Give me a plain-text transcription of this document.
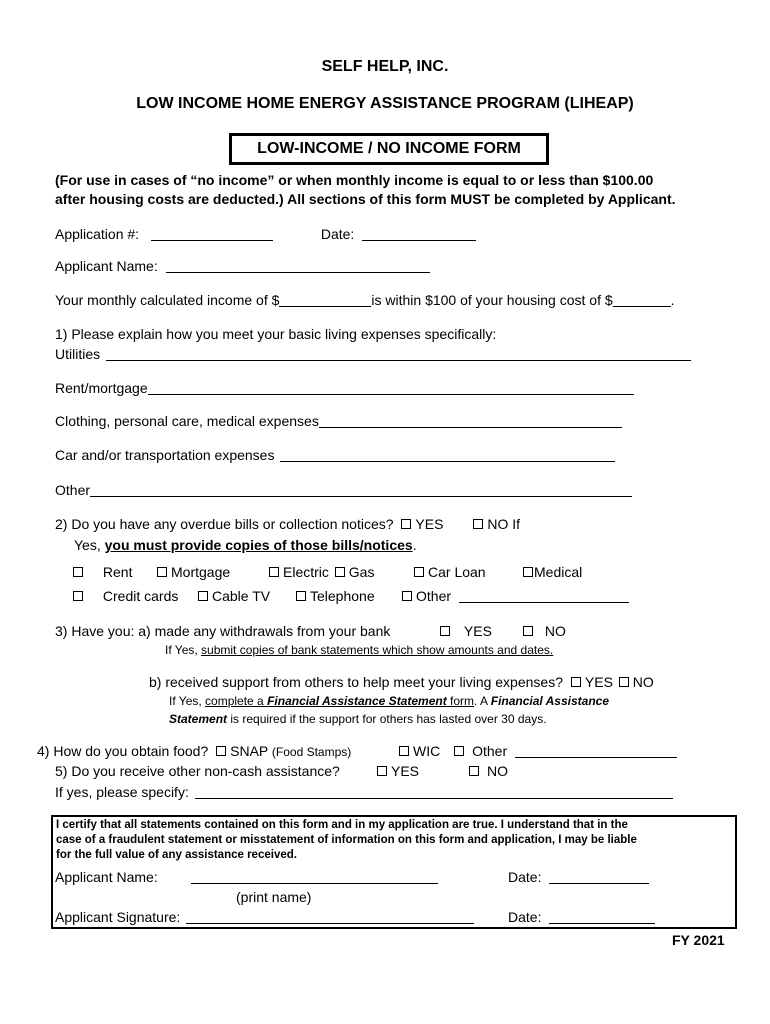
SELF HELP, INC.
LOW INCOME HOME ENERGY ASSISTANCE PROGRAM (LIHEAP)
LOW-INCOME / NO INCOME FORM
(For use in cases of “no income” or when monthly income is equal to or less than $100.00
after housing costs are deducted.) All sections of this form MUST be completed by Applicant.
Application #:	Date:
Applicant Name:
Your monthly calculated income of $	is within $100 of your housing cost of $	.
1) Please explain how you meet your basic living expenses specifically:
Utilities
Rent/mortgage
Clothing, personal care, medical expenses
Car and/or transportation expenses
Other
2) Do you have any overdue bills or collection notices? YES	NO If
Yes, you must provide copies of those bills/notices.
Rent	Mortgage	Electric Gas	Car Loan	Medical
Credit cards	Cable TV	Telephone	Other
3) Have you: a) made any withdrawals from your bank	YES	NO
If Yes, submit copies of bank statements which show amounts and dates.
b) received support from others to help meet your living expenses? YES NO
If Yes, complete a Financial Assistance Statement form. A Financial Assistance
Statement is required if the support for others has lasted over 30 days.
4) How do you obtain food? SNAP (Food Stamps)	WIC Other
5) Do you receive other non-cash assistance?	YES	NO
If yes, please specify:
I certify that all statements contained on this form and in my application are true. I understand that in the
case of a fraudulent statement or misstatement of information on this form and application, I may be liable
for the full value of any assistance received.
Applicant Name:	Date:
(print name)
Applicant Signature:	Date:
FY 2021
